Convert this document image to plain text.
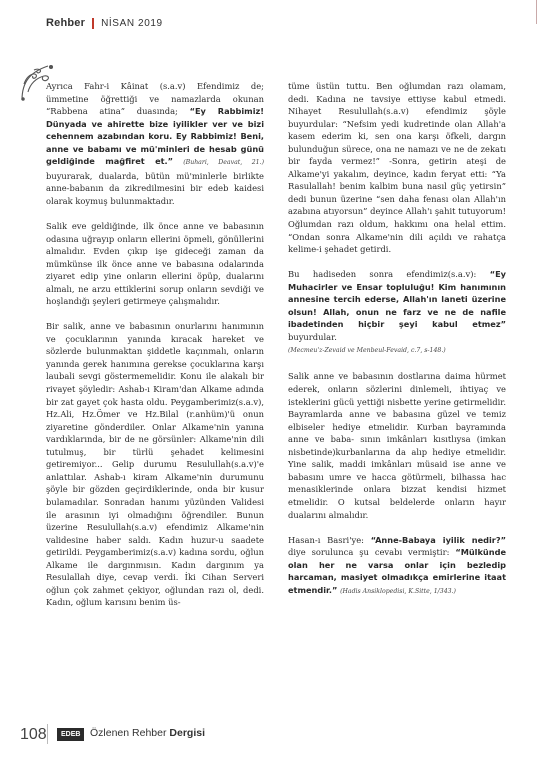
Rehber NİSAN 2019

Ayrıca Fahr-i Kâinat (s.a.v) Efendimiz de; ümmetine öğrettiği ve namazlarda okunan “Rabbena atina” duasında; “Ey Rabbimiz! Dünyada ve ahirette bize iyilikler ver ve bizi cehennem azabından koru. Ey Rabbimiz! Beni, anne ve babamı ve mü'minleri de hesab günü geldiğinde mağfiret et.” (Buhari, Deavat, 21.) buyurarak, dualarda, bütün mü'minlerle birlikte anne-babanın da zikredilmesini bir edeb kaidesi olarak koymuş bulunmaktadır.

Salik eve geldiğinde, ilk önce anne ve babasının odasına uğrayıp onların ellerini öpmeli, gönüllerini almalıdır. Evden çıkıp işe gideceği zaman da mümkünse ilk önce anne ve babasına odalarında ziyaret edip yine onların ellerini öpüp, dualarını almalı, ne arzu ettiklerini sorup onların sevdiği ve hoşlandığı şeyleri getirmeye çalışmalıdır.

Bir salik, anne ve babasının onurlarını hanımının ve çocuklarının yanında kıracak hareket ve sözlerde bulunmaktan şiddetle kaçınmalı, onların yanında gerek hanımına gerekse çocuklarına karşı laubali sevgi göstermemelidir. Konu ile alakalı bir rivayet şöyledir: Ashab-ı Kiram'dan Alkame adında bir zat gayet çok hasta oldu. Peygamberimiz(s.a.v), Hz.Ali, Hz.Ömer ve Hz.Bilal (r.anhüm)'ü onun ziyaretine gönderdiler. Onlar Alkame'nin yanına vardıklarında, bir de ne görsünler: Alkame'nin dili tutulmuş, bir türlü şehadet kelimesini getiremiyor... Gelip durumu Resulullah(s.a.v)'e anlattılar. Ashab-ı kiram Alkame'nin durumunu şöyle bir gözden geçirdiklerinde, onda bir kusur bulamadılar. Sonradan hanımı yüzünden Validesi ile arasının iyi olmadığını öğrendiler. Bunun üzerine Resulullah(s.a.v) efendimiz Alkame'nin validesine haber saldı. Kadın huzur-u saadete getirildi. Peygamberimiz(s.a.v) kadına sordu, oğlun Alkame ile dargınmısın. Kadın dargınım ya Resulallah diye, cevap verdi. İki Cihan Serveri oğlun çok zahmet çekiyor, oğlundan razı ol, dedi. Kadın, oğlum karısını benim üs-

tüme üstün tuttu. Ben oğlumdan razı olamam, dedi. Kadına ne tavsiye ettiyse kabul etmedi. Nihayet Resulullah(s.a.v) efendimiz şöyle buyurdular: “Nefsim yedi kudretinde olan Allah'a kasem ederim ki, sen ona karşı öfkeli, dargın bulunduğun sürece, ona ne namazı ve ne de zekatı bir fayda vermez!” -Sonra, getirin ateşi de Alkame'yi yakalım, deyince, kadın feryat etti: “Ya Rasulallah! benim kalbim buna nasıl güç yetirsin” dedi bunun üzerine “sen daha fenası olan Allah'ın azabına atıyorsun” deyince Allah'ı şahit tutuyorum! Oğlumdan razı oldum, hakkımı ona helal ettim. “Ondan sonra Alkame'nin dili açıldı ve rahatça kelime-i şehadet getirdi.

Bu hadiseden sonra efendimiz(s.a.v): “Ey Muhacirler ve Ensar topluluğu! Kim hanımının annesine tercih ederse, Allah'ın laneti üzerine olsun! Allah, onun ne farz ve ne de nafile ibadetinden hiçbir şeyi kabul etmez” buyurdular.
(Mecmeu'z-Zevaid ve Menbeul-Fevaid, c.7, s-148.)

Salik anne ve babasının dostlarına daima hürmet ederek, onların sözlerini dinlemeli, ihtiyaç ve isteklerini gücü yettiği nisbette yerine getirmelidir. Bayramlarda anne ve babasına güzel ve temiz elbiseler hediye etmelidir. Kurban bayramında anne ve baba- sının imkânları kısıtlıysa (imkan nisbetinde)kurbanlarına da alıp hediye etmelidir. Yine salik, maddi imkânları müsaid ise anne ve babasını umre ve hacca götürmeli, bilhassa hac menasiklerinde onlara bizzat kendisi hizmet etmelidir. O kutsal beldelerde onların hayır dualarını almalıdır.

Hasan-ı Basri'ye: “Anne-Babaya iyilik nedir?” diye sorulunca şu cevabı vermiştir: “Mülkünde olan her ne varsa onlar için bezledip harcaman, masiyet olmadıkça emirlerine itaat etmendir.” (Hadis Ansiklopedisi, K.Sitte, 1/343.)

108	EDEB Özlenen Rehber Dergisi
